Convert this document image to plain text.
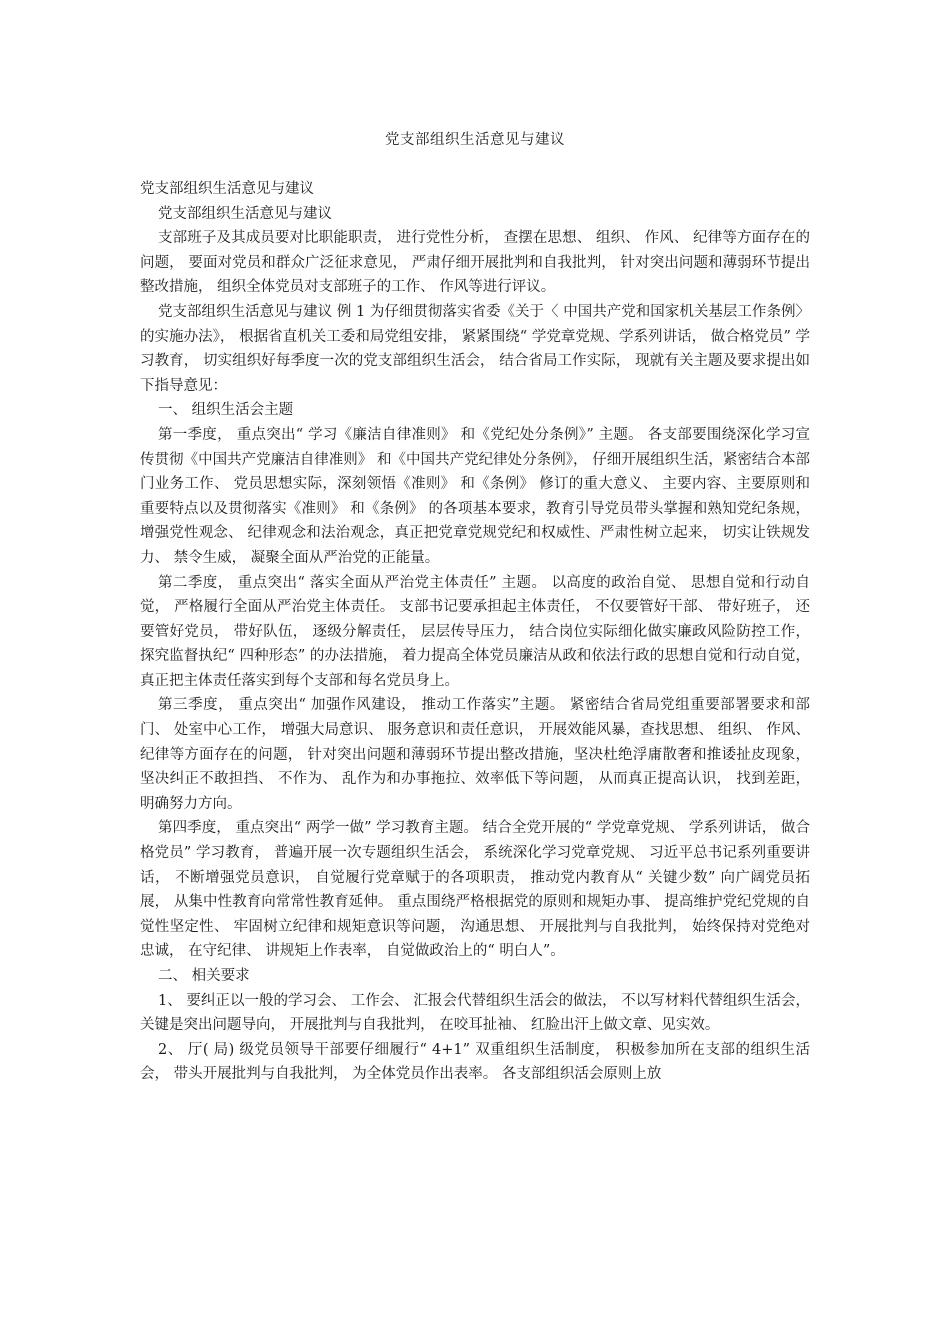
党支部组织生活意见与建议

党支部组织生活意见与建议

党支部组织生活意见与建议

支部班子及其成员要对比职能职责， 进行党性分析， 查摆在思想、 组织、 作风、 纪律等方面存在的问题， 要面对党员和群众广泛征求意见， 严肃仔细开展批判和自我批判， 针对突出问题和薄弱环节提出整改措施， 组织全体党员对支部班子的工作、 作风等进行评议。

党支部组织生活意见与建议 例 1 为仔细贯彻落实省委《关于〈 中国共产党和国家机关基层工作条例〉 的实施办法》， 根据省直机关工委和局党组安排， 紧紧围绕“ 学党章党规、学系列讲话， 做合格党员” 学习教育， 切实组织好每季度一次的党支部组织生活会， 结合省局工作实际， 现就有关主题及要求提出如下指导意见：

一、 组织生活会主题

第一季度， 重点突出“ 学习《廉洁自律准则》 和《党纪处分条例》” 主题。 各支部要围绕深化学习宣传贯彻《中国共产党廉洁自律准则》 和《中国共产党纪律处分条例》， 仔细开展组织生活，紧密结合本部门业务工作、 党员思想实际，深刻领悟《准则》 和《条例》 修订的重大意义、 主要内容、主要原则和重要特点以及贯彻落实《准则》 和《条例》 的各项基本要求，教育引导党员带头掌握和熟知党纪条规， 增强党性观念、 纪律观念和法治观念，真正把党章党规党纪和权威性、严肃性树立起来， 切实让铁规发力、 禁令生威， 凝聚全面从严治党的正能量。

第二季度， 重点突出“ 落实全面从严治党主体责任” 主题。 以高度的政治自觉、 思想自觉和行动自觉， 严格履行全面从严治党主体责任。 支部书记要承担起主体责任， 不仅要管好干部、 带好班子， 还要管好党员， 带好队伍， 逐级分解责任， 层层传导压力， 结合岗位实际细化做实廉政风险防控工作， 探究监督执纪“ 四种形态” 的办法措施， 着力提高全体党员廉洁从政和依法行政的思想自觉和行动自觉， 真正把主体责任落实到每个支部和每名党员身上。

第三季度， 重点突出“ 加强作风建设， 推动工作落实”主题。 紧密结合省局党组重要部署要求和部门、 处室中心工作， 增强大局意识、 服务意识和责任意识， 开展效能风暴，查找思想、 组织、 作风、 纪律等方面存在的问题， 针对突出问题和薄弱环节提出整改措施，坚决杜绝浮庸散奢和推诿扯皮现象， 坚决纠正不敢担挡、 不作为、 乱作为和办事拖拉、效率低下等问题， 从而真正提高认识， 找到差距， 明确努力方向。

第四季度， 重点突出“ 两学一做” 学习教育主题。 结合全党开展的“ 学党章党规、 学系列讲话， 做合格党员” 学习教育， 普遍开展一次专题组织生活会， 系统深化学习党章党规、 习近平总书记系列重要讲话， 不断增强党员意识， 自觉履行党章赋于的各项职责， 推动党内教育从“ 关键少数” 向广阔党员拓展， 从集中性教育向常常性教育延伸。 重点围绕严格根据党的原则和规矩办事、 提高维护党纪党规的自觉性坚定性、 牢固树立纪律和规矩意识等问题， 沟通思想、 开展批判与自我批判， 始终保持对党绝对忠诚， 在守纪律、 讲规矩上作表率， 自觉做政治上的“ 明白人”。

二、 相关要求

1、 要纠正以一般的学习会、 工作会、 汇报会代替组织生活会的做法， 不以写材料代替组织生活会， 关键是突出问题导向， 开展批判与自我批判， 在咬耳扯袖、 红脸出汗上做文章、见实效。

2、 厅( 局) 级党员领导干部要仔细履行“ 4+1” 双重组织生活制度， 积极参加所在支部的组织生活会， 带头开展批判与自我批判， 为全体党员作出表率。 各支部组织活会原则上放
